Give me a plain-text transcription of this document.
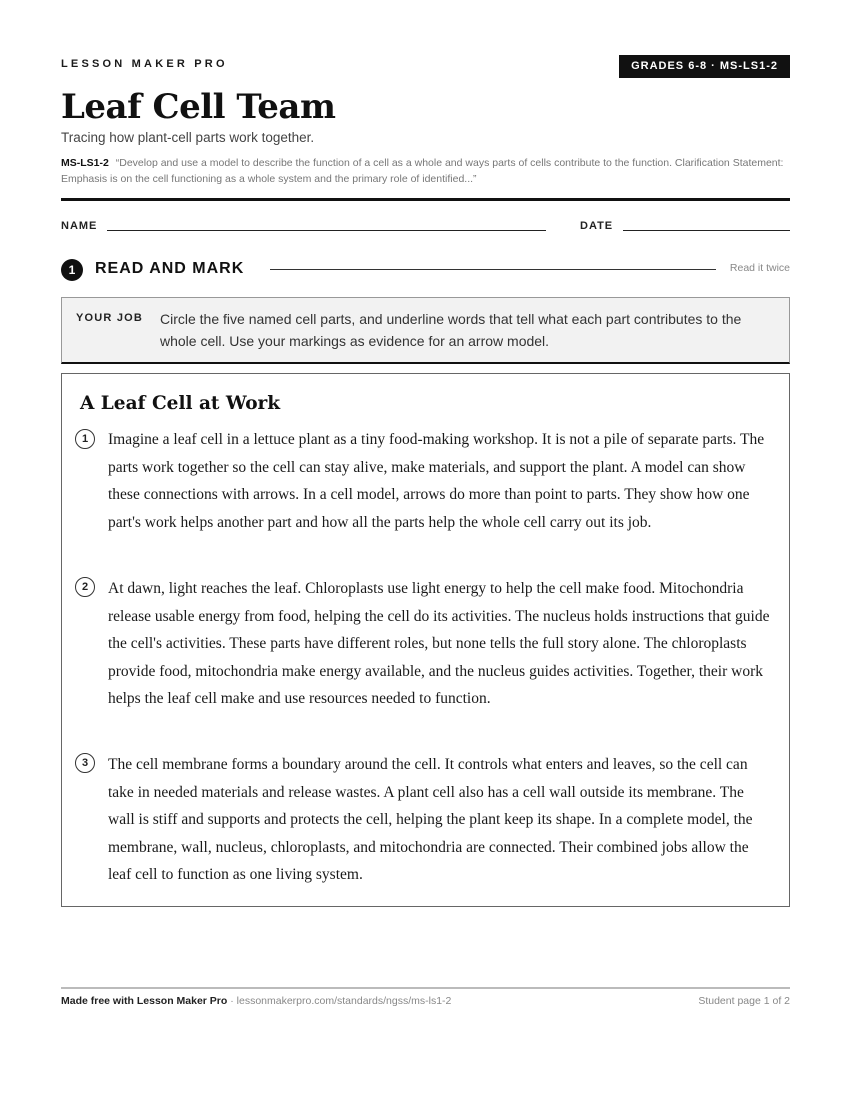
LESSON MAKER PRO	GRADES 6-8 · MS-LS1-2
Leaf Cell Team
Tracing how plant-cell parts work together.
MS-LS1-2 “Develop and use a model to describe the function of a cell as a whole and ways parts of cells contribute to the function. Clarification Statement: Emphasis is on the cell functioning as a whole system and the primary role of identified...”
NAME	DATE
1	READ AND MARK	Read it twice
YOUR JOB Circle the five named cell parts, and underline words that tell what each part contributes to the whole cell. Use your markings as evidence for an arrow model.
A Leaf Cell at Work
1	Imagine a leaf cell in a lettuce plant as a tiny food-making workshop. It is not a pile of separate parts. The parts work together so the cell can stay alive, make materials, and support the plant. A model can show these connections with arrows. In a cell model, arrows do more than point to parts. They show how one part's work helps another part and how all the parts help the whole cell carry out its job.
2	At dawn, light reaches the leaf. Chloroplasts use light energy to help the cell make food. Mitochondria release usable energy from food, helping the cell do its activities. The nucleus holds instructions that guide the cell's activities. These parts have different roles, but none tells the full story alone. The chloroplasts provide food, mitochondria make energy available, and the nucleus guides activities. Together, their work helps the leaf cell make and use resources needed to function.
3	The cell membrane forms a boundary around the cell. It controls what enters and leaves, so the cell can take in needed materials and release wastes. A plant cell also has a cell wall outside its membrane. The wall is stiff and supports and protects the cell, helping the plant keep its shape. In a complete model, the membrane, wall, nucleus, chloroplasts, and mitochondria are connected. Their combined jobs allow the leaf cell to function as one living system.
Made free with Lesson Maker Pro · lessonmakerpro.com/standards/ngss/ms-ls1-2	Student page 1 of 2
